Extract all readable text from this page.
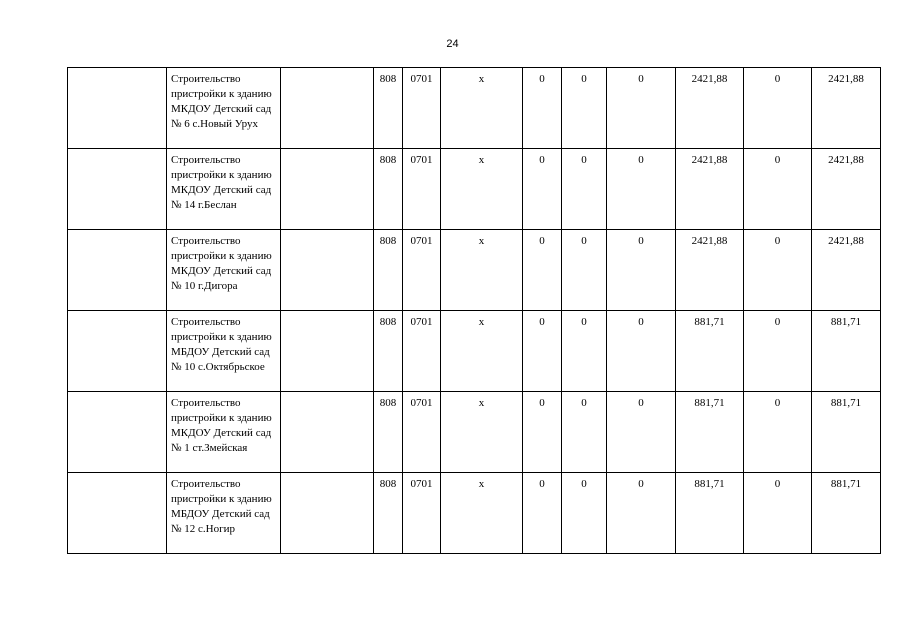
24
	Строительство пристройки к зданию МКДОУ Детский сад № 6 с.Новый Урух		808	0701	х	0	0	0	2421,88	0	2421,88
	Строительство пристройки к зданию МКДОУ Детский сад № 14 г.Беслан		808	0701	х	0	0	0	2421,88	0	2421,88
	Строительство пристройки к зданию МКДОУ Детский сад № 10 г.Дигора		808	0701	х	0	0	0	2421,88	0	2421,88
	Строительство пристройки к зданию МБДОУ Детский сад № 10 с.Октябрьское		808	0701	х	0	0	0	881,71	0	881,71
	Строительство пристройки к зданию МКДОУ Детский сад № 1 ст.Змейская		808	0701	х	0	0	0	881,71	0	881,71
	Строительство пристройки к зданию МБДОУ Детский сад № 12 с.Ногир		808	0701	х	0	0	0	881,71	0	881,71
